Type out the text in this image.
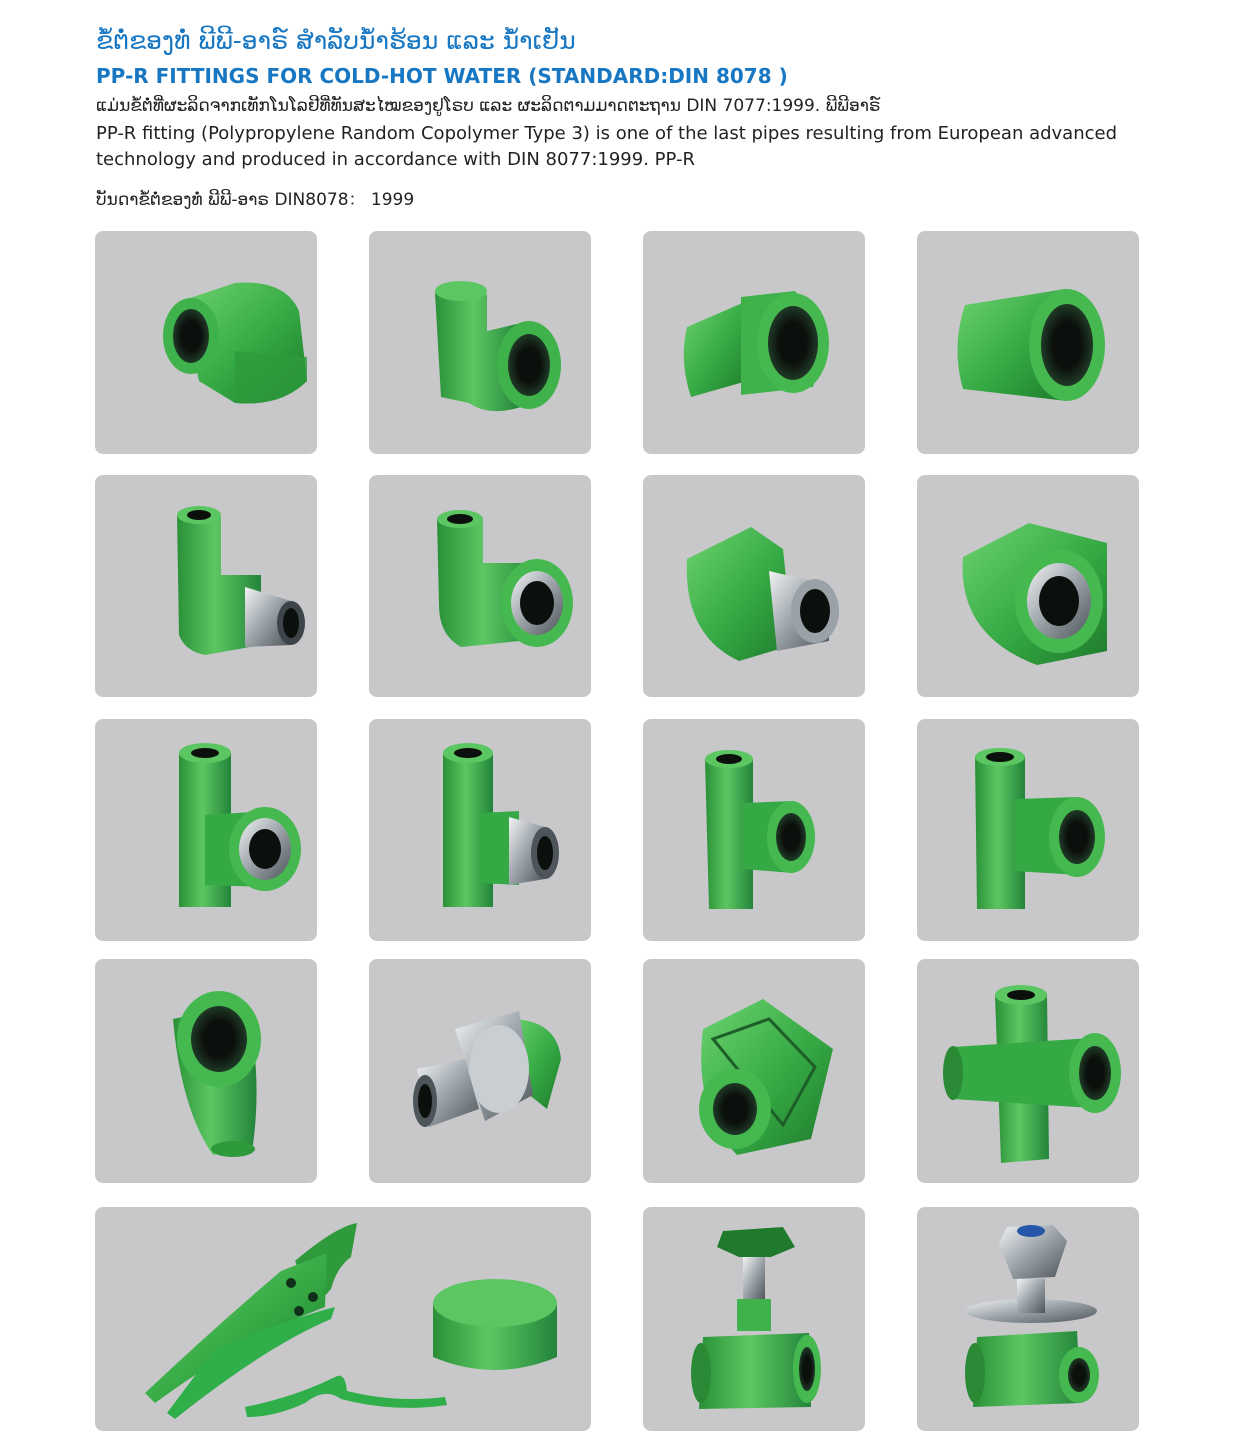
ຂໍ້ຕໍ່ຂອງທໍ່ ພີພີ-ອາຣ໌ ສຳລັບນ້ຳຮ້ອນ ແລະ ນ້ຳເຢັນ
PP-R FITTINGS FOR COLD-HOT WATER (STANDARD:DIN 8078 )
ແມ່ນຂໍ້ຕໍ່ທີ່ຜະລິດຈາກເທັກໂນໂລຢີທີ່ທັນສະໄໝຂອງຢູໂຣບ ແລະ ຜະລິດຕາມມາດຕະຖານ DIN 7077:1999. ພີພີອາຣ໌
PP-R fitting (Polypropylene Random Copolymer Type 3) is one of the last pipes resulting from European advanced technology and produced in accordance with DIN 8077:1999. PP-R
ບັນດາຂໍ້ຕໍ່ຂອງທໍ່ ພີພີ-ອາຣ DIN8078： 1999
